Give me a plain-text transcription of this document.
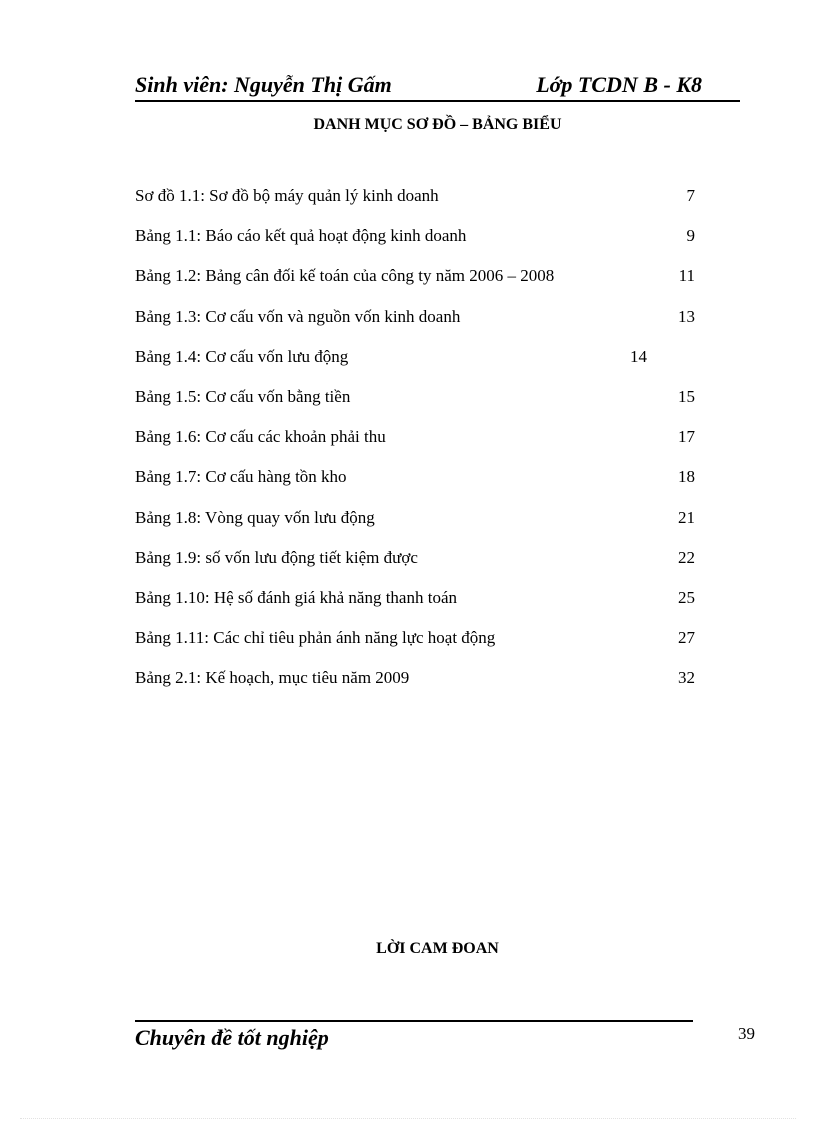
Sinh viên: Nguyễn Thị Gấm	Lớp TCDN B - K8
DANH MỤC SƠ ĐỒ – BẢNG BIỂU
Sơ đồ 1.1: Sơ đồ bộ máy quản lý kinh doanh	7
Bảng 1.1: Báo cáo kết quả hoạt động kinh doanh	9
Bảng 1.2: Bảng cân đối kế toán của công ty năm 2006 – 2008	11
Bảng 1.3: Cơ cấu vốn và nguồn vốn kinh doanh	13
Bảng 1.4: Cơ cấu vốn lưu động	14
Bảng 1.5: Cơ cấu vốn bằng tiền	15
Bảng 1.6: Cơ cấu các khoản phải thu	17
Bảng 1.7: Cơ cấu hàng tồn kho	18
Bảng 1.8: Vòng quay vốn lưu động	21
Bảng 1.9: số vốn lưu động tiết kiệm được	22
Bảng 1.10: Hệ số đánh giá khả năng thanh toán	25
Bảng 1.11: Các chỉ tiêu phản ánh năng lực hoạt động	27
Bảng 2.1: Kế hoạch, mục tiêu năm 2009	32
LỜI CAM ĐOAN
Chuyên đề tốt nghiệp	39
